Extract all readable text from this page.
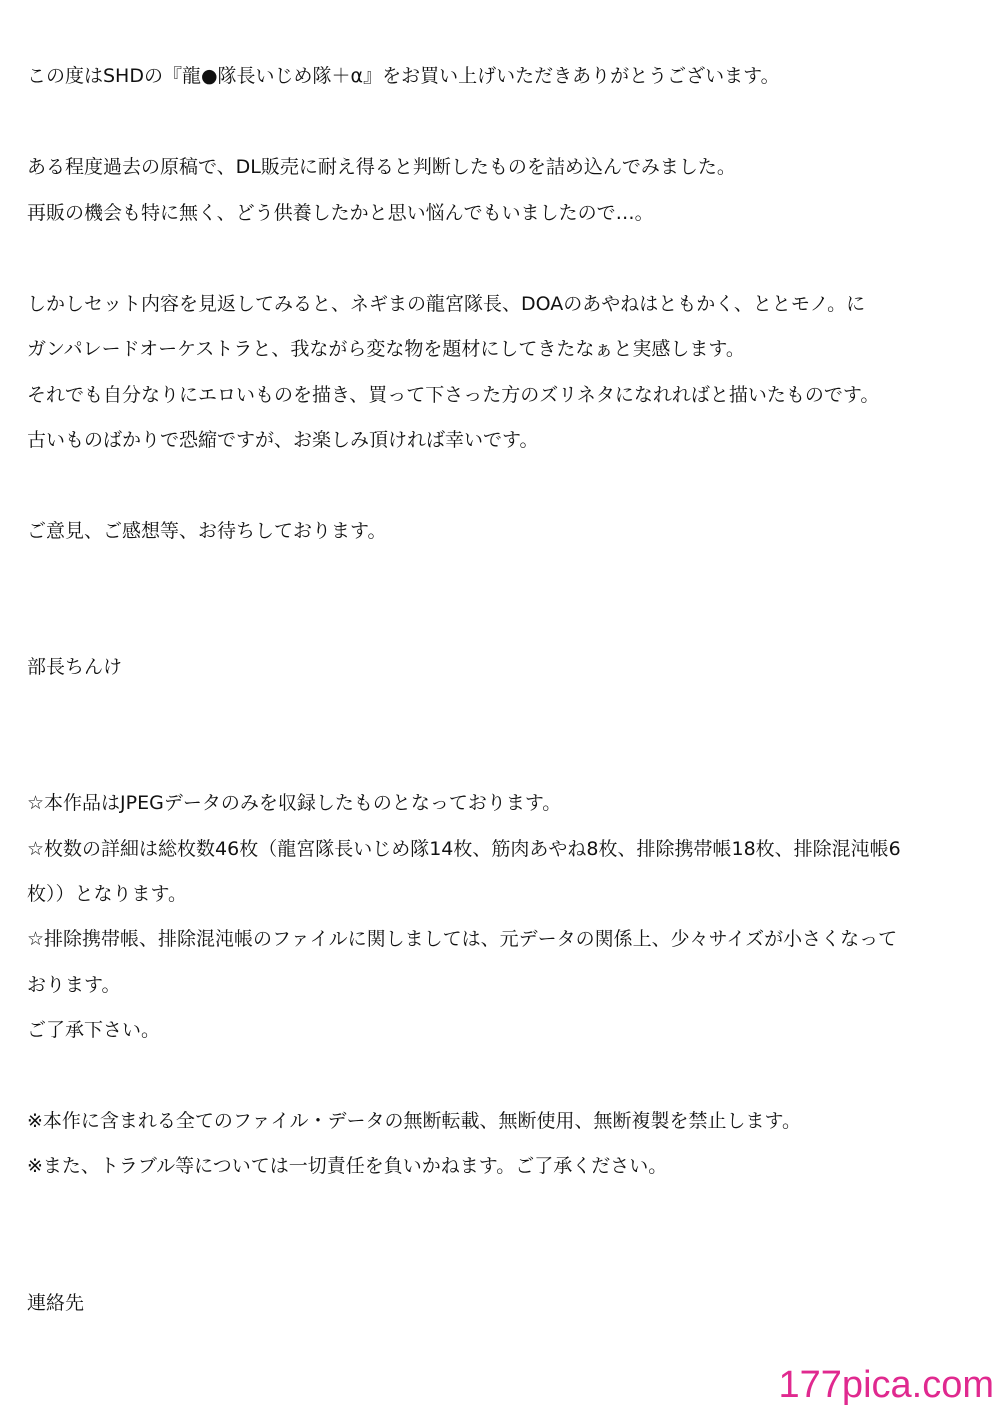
この度はSHDの『龍●隊長いじめ隊＋α』をお買い上げいただきありがとうございます。
ある程度過去の原稿で、DL販売に耐え得ると判断したものを詰め込んでみました。
再販の機会も特に無く、どう供養したかと思い悩んでもいましたので…。
しかしセット内容を見返してみると、ネギまの龍宮隊長、DOAのあやねはともかく、ととモノ。に
ガンパレードオーケストラと、我ながら変な物を題材にしてきたなぁと実感します。
それでも自分なりにエロいものを描き、買って下さった方のズリネタになれればと描いたものです。
古いものばかりで恐縮ですが、お楽しみ頂ければ幸いです。
ご意見、ご感想等、お待ちしております。
部長ちんけ
☆本作品はJPEGデータのみを収録したものとなっております。
☆枚数の詳細は総枚数46枚（龍宮隊長いじめ隊14枚、筋肉あやね8枚、排除携帯帳18枚、排除混沌帳6
枚））となります。
☆排除携帯帳、排除混沌帳のファイルに関しましては、元データの関係上、少々サイズが小さくなって
おります。
ご了承下さい。
※本作に含まれる全てのファイル・データの無断転載、無断使用、無断複製を禁止します。
※また、トラブル等については一切責任を負いかねます。ご了承ください。
連絡先
177pica.com
